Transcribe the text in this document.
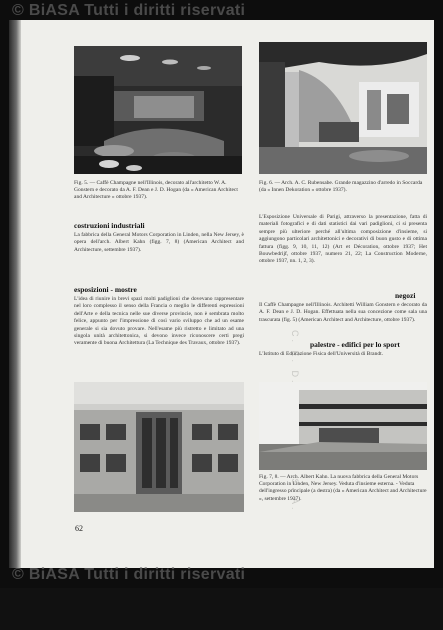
© BiASA Tutti i diritti riservati
Fig. 5. — Caffè Champagne nell'Illinois, decorato all'architetto W. A. Gonstern e decorato da A. F. Dean e J. D. Hogan (da « American Architect and Architecture » ottobre 1937).
Fig. 6. — Arch. A. C. Rubensabe. Grande magazzino d'arredo in Soccarda (da « Innen Dekoration » ottobre 1937).
costruzioni industriali
La fabbrica della General Motors Corporation in Linden, nella New Jersey, è opera dell'arch. Albert Kahn (figg. 7, 8) (American Architect and Architecture, settembre 1937).
esposizioni - mostre
L'idea di riunire in brevi spazi molti padiglioni che dovevano rappresentare nel loro complesso il senso della Francia o meglio le differenti espressioni dell'Arte e della tecnica nelle sue diverse provincie, non è sembrata molto felice, appunto per l'impressione di così vario sviluppo che ad un esame generale si sia dovuto provare. Nell'esame più ristretto e limitato ad una singola unità architettonica, si devono invece riconoscere certi pregi veramente di buona Architettura (La Technique des Travaux, ottobre 1937).
L'Esposizione Universale di Parigi, attraverso la presentazione, fatta di materiali fotografici e di dati statistici dai vari padiglioni, ci si presenta sempre più ulteriore perché all'ultima composizione d'insieme, si aggiungono particolari architettonici e decorativi di buon gusto e di ottima fattura (figg. 9, 10, 11, 12) (Art et Décoration, ottobre 1937; Het Bouwbedrijf, ottobre 1937, numero 21, 22; La Construction Moderne, ottobre 1937, nn. 1, 2, 3).
negozi
Il Caffè Champagne nell'Illinois. Architetti William Gonstern e decorato da A. F. Dean e J. D. Hogan. Effettuata nella sua concezione come sala una trascurata (fig. 5) (American Architect and Architecture, ottobre 1937).
palestre - edifici per lo sport
L'Istituto di Educazione Fisica dell'Università di Brandt.
Fig. 7, 8. — Arch. Albert Kahn. La nuova fabbrica della General Motors Corporation in Linden, New Jersey. Veduta d'insieme esterna. - Veduta dell'ingresso principale (a destra) (da « American Architect and Architecture », settembre 1937).
62
© BiASA Tutti i diritti riservati
